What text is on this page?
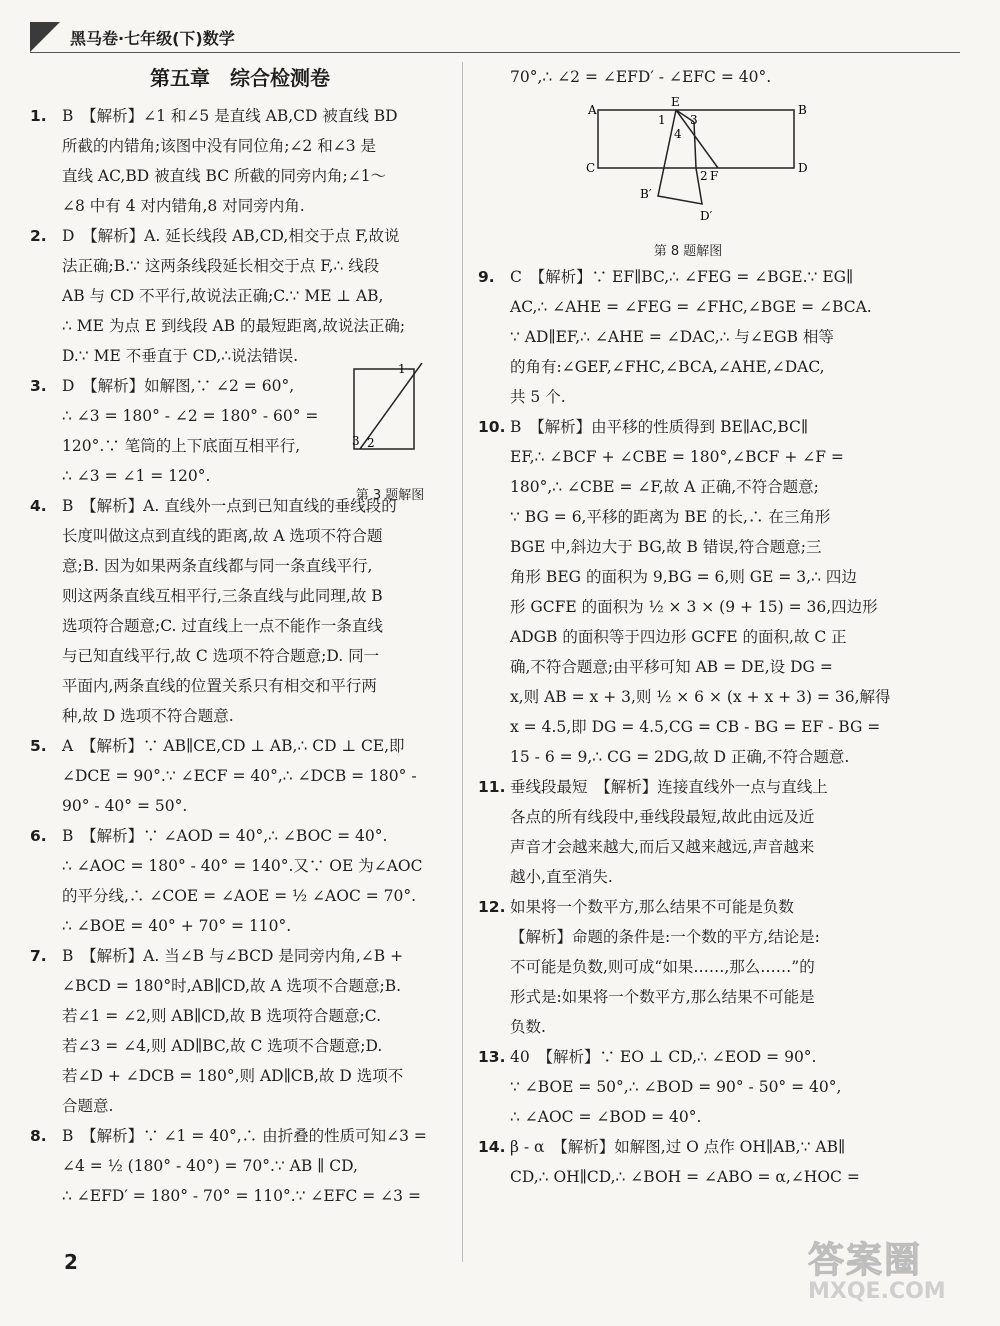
黑马卷·七年级(下)数学
第五章　综合检测卷
1. B　【解析】∠1 和∠5 是直线 AB,CD 被直线 BD
所截的内错角;该图中没有同位角;∠2 和∠3 是
直线 AC,BD 被直线 BC 所截的同旁内角;∠1～
∠8 中有 4 对内错角,8 对同旁内角.
2. D　【解析】A. 延长线段 AB,CD,相交于点 F,故说
法正确;B.∵ 这两条线段延长相交于点 F,∴ 线段
AB 与 CD 不平行,故说法正确;C.∵ ME ⊥ AB,
∴ ME 为点 E 到线段 AB 的最短距离,故说法正确;
D.∵ ME 不垂直于 CD,∴说法错误.
3. D　【解析】如解图,∵ ∠2 = 60°,
∴ ∠3 = 180° - ∠2 = 180° - 60° =
120°.∵ 笔筒的上下底面互相平行,
∴ ∠3 = ∠1 = 120°.
1
3 2
第 3 题解图
4. B　【解析】A. 直线外一点到已知直线的垂线段的
长度叫做这点到直线的距离,故 A 选项不符合题
意;B. 因为如果两条直线都与同一条直线平行,
则这两条直线互相平行,三条直线与此同理,故 B
选项符合题意;C. 过直线上一点不能作一条直线
与已知直线平行,故 C 选项不符合题意;D. 同一
平面内,两条直线的位置关系只有相交和平行两
种,故 D 选项不符合题意.
5. A　【解析】∵ AB∥CE,CD ⊥ AB,∴ CD ⊥ CE,即
∠DCE = 90°.∵ ∠ECF = 40°,∴ ∠DCB = 180° -
90° - 40° = 50°.
6. B　【解析】∵ ∠AOD = 40°,∴ ∠BOC = 40°.
∴ ∠AOC = 180° - 40° = 140°.又∵ OE 为∠AOC
的平分线,∴ ∠COE = ∠AOE = ½ ∠AOC = 70°.
∴ ∠BOE = 40° + 70° = 110°.
7. B　【解析】A. 当∠B 与∠BCD 是同旁内角,∠B +
∠BCD = 180°时,AB∥CD,故 A 选项不合题意;B.
若∠1 = ∠2,则 AB∥CD,故 B 选项符合题意;C.
若∠3 = ∠4,则 AD∥BC,故 C 选项不合题意;D.
若∠D + ∠DCB = 180°,则 AD∥CB,故 D 选项不
合题意.
8. B　【解析】∵ ∠1 = 40°,∴ 由折叠的性质可知∠3 =
∠4 = ½ (180° - 40°) = 70°.∵ AB ∥ CD,
∴ ∠EFD′ = 180° - 70° = 110°.∵ ∠EFC = ∠3 =
70°,∴ ∠2 = ∠EFD′ - ∠EFC = 40°.
A
E
B
1 3
4
C
2 F
D
B′
D′
第 8 题解图
9. C　【解析】∵ EF∥BC,∴ ∠FEG = ∠BGE.∵ EG∥
AC,∴ ∠AHE = ∠FEG = ∠FHC,∠BGE = ∠BCA.
∵ AD∥EF,∴ ∠AHE = ∠DAC,∴ 与∠EGB 相等
的角有:∠GEF,∠FHC,∠BCA,∠AHE,∠DAC,
共 5 个.
10. B　【解析】由平移的性质得到 BE∥AC,BC∥
EF,∴ ∠BCF + ∠CBE = 180°,∠BCF + ∠F =
180°,∴ ∠CBE = ∠F,故 A 正确,不符合题意;
∵ BG = 6,平移的距离为 BE 的长,∴ 在三角形
BGE 中,斜边大于 BG,故 B 错误,符合题意;三
角形 BEG 的面积为 9,BG = 6,则 GE = 3,∴ 四边
形 GCFE 的面积为 ½ × 3 × (9 + 15) = 36,四边形
ADGB 的面积等于四边形 GCFE 的面积,故 C 正
确,不符合题意;由平移可知 AB = DE,设 DG =
x,则 AB = x + 3,则 ½ × 6 × (x + x + 3) = 36,解得
x = 4.5,即 DG = 4.5,CG = CB - BG = EF - BG =
15 - 6 = 9,∴ CG = 2DG,故 D 正确,不符合题意.
11. 垂线段最短　【解析】连接直线外一点与直线上
各点的所有线段中,垂线段最短,故此由远及近
声音才会越来越大,而后又越来越远,声音越来
越小,直至消失.
12. 如果将一个数平方,那么结果不可能是负数
【解析】命题的条件是:一个数的平方,结论是:
不可能是负数,则可成“如果……,那么……”的
形式是:如果将一个数平方,那么结果不可能是
负数.
13. 40　【解析】∵ EO ⊥ CD,∴ ∠EOD = 90°.
∵ ∠BOE = 50°,∴ ∠BOD = 90° - 50° = 40°,
∴ ∠AOC = ∠BOD = 40°.
14. β - α　【解析】如解图,过 O 点作 OH∥AB,∵ AB∥
CD,∴ OH∥CD,∴ ∠BOH = ∠ABO = α,∠HOC =
2	答案圈
MXQE.COM
